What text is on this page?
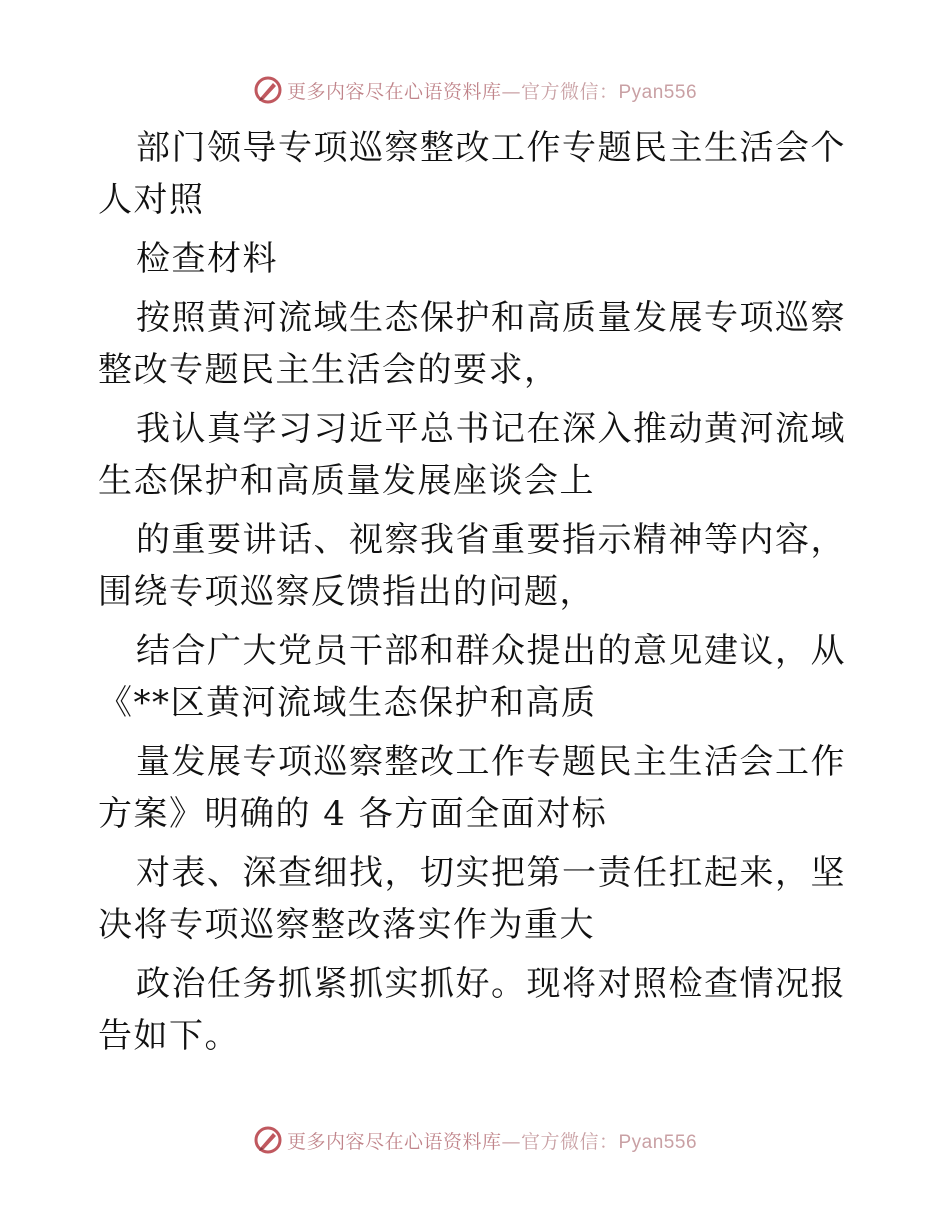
更多内容尽在心语资料库—官方微信：Pyan556

部门领导专项巡察整改工作专题民主生活会个人对照

检查材料

按照黄河流域生态保护和高质量发展专项巡察整改专题民主生活会的要求，

我认真学习习近平总书记在深入推动黄河流域生态保护和高质量发展座谈会上

的重要讲话、视察我省重要指示精神等内容，围绕专项巡察反馈指出的问题，

结合广大党员干部和群众提出的意见建议，从《**区黄河流域生态保护和高质

量发展专项巡察整改工作专题民主生活会工作方案》明确的 4 各方面全面对标

对表、深查细找，切实把第一责任扛起来，坚决将专项巡察整改落实作为重大

政治任务抓紧抓实抓好。现将对照检查情况报告如下。

更多内容尽在心语资料库—官方微信：Pyan556
